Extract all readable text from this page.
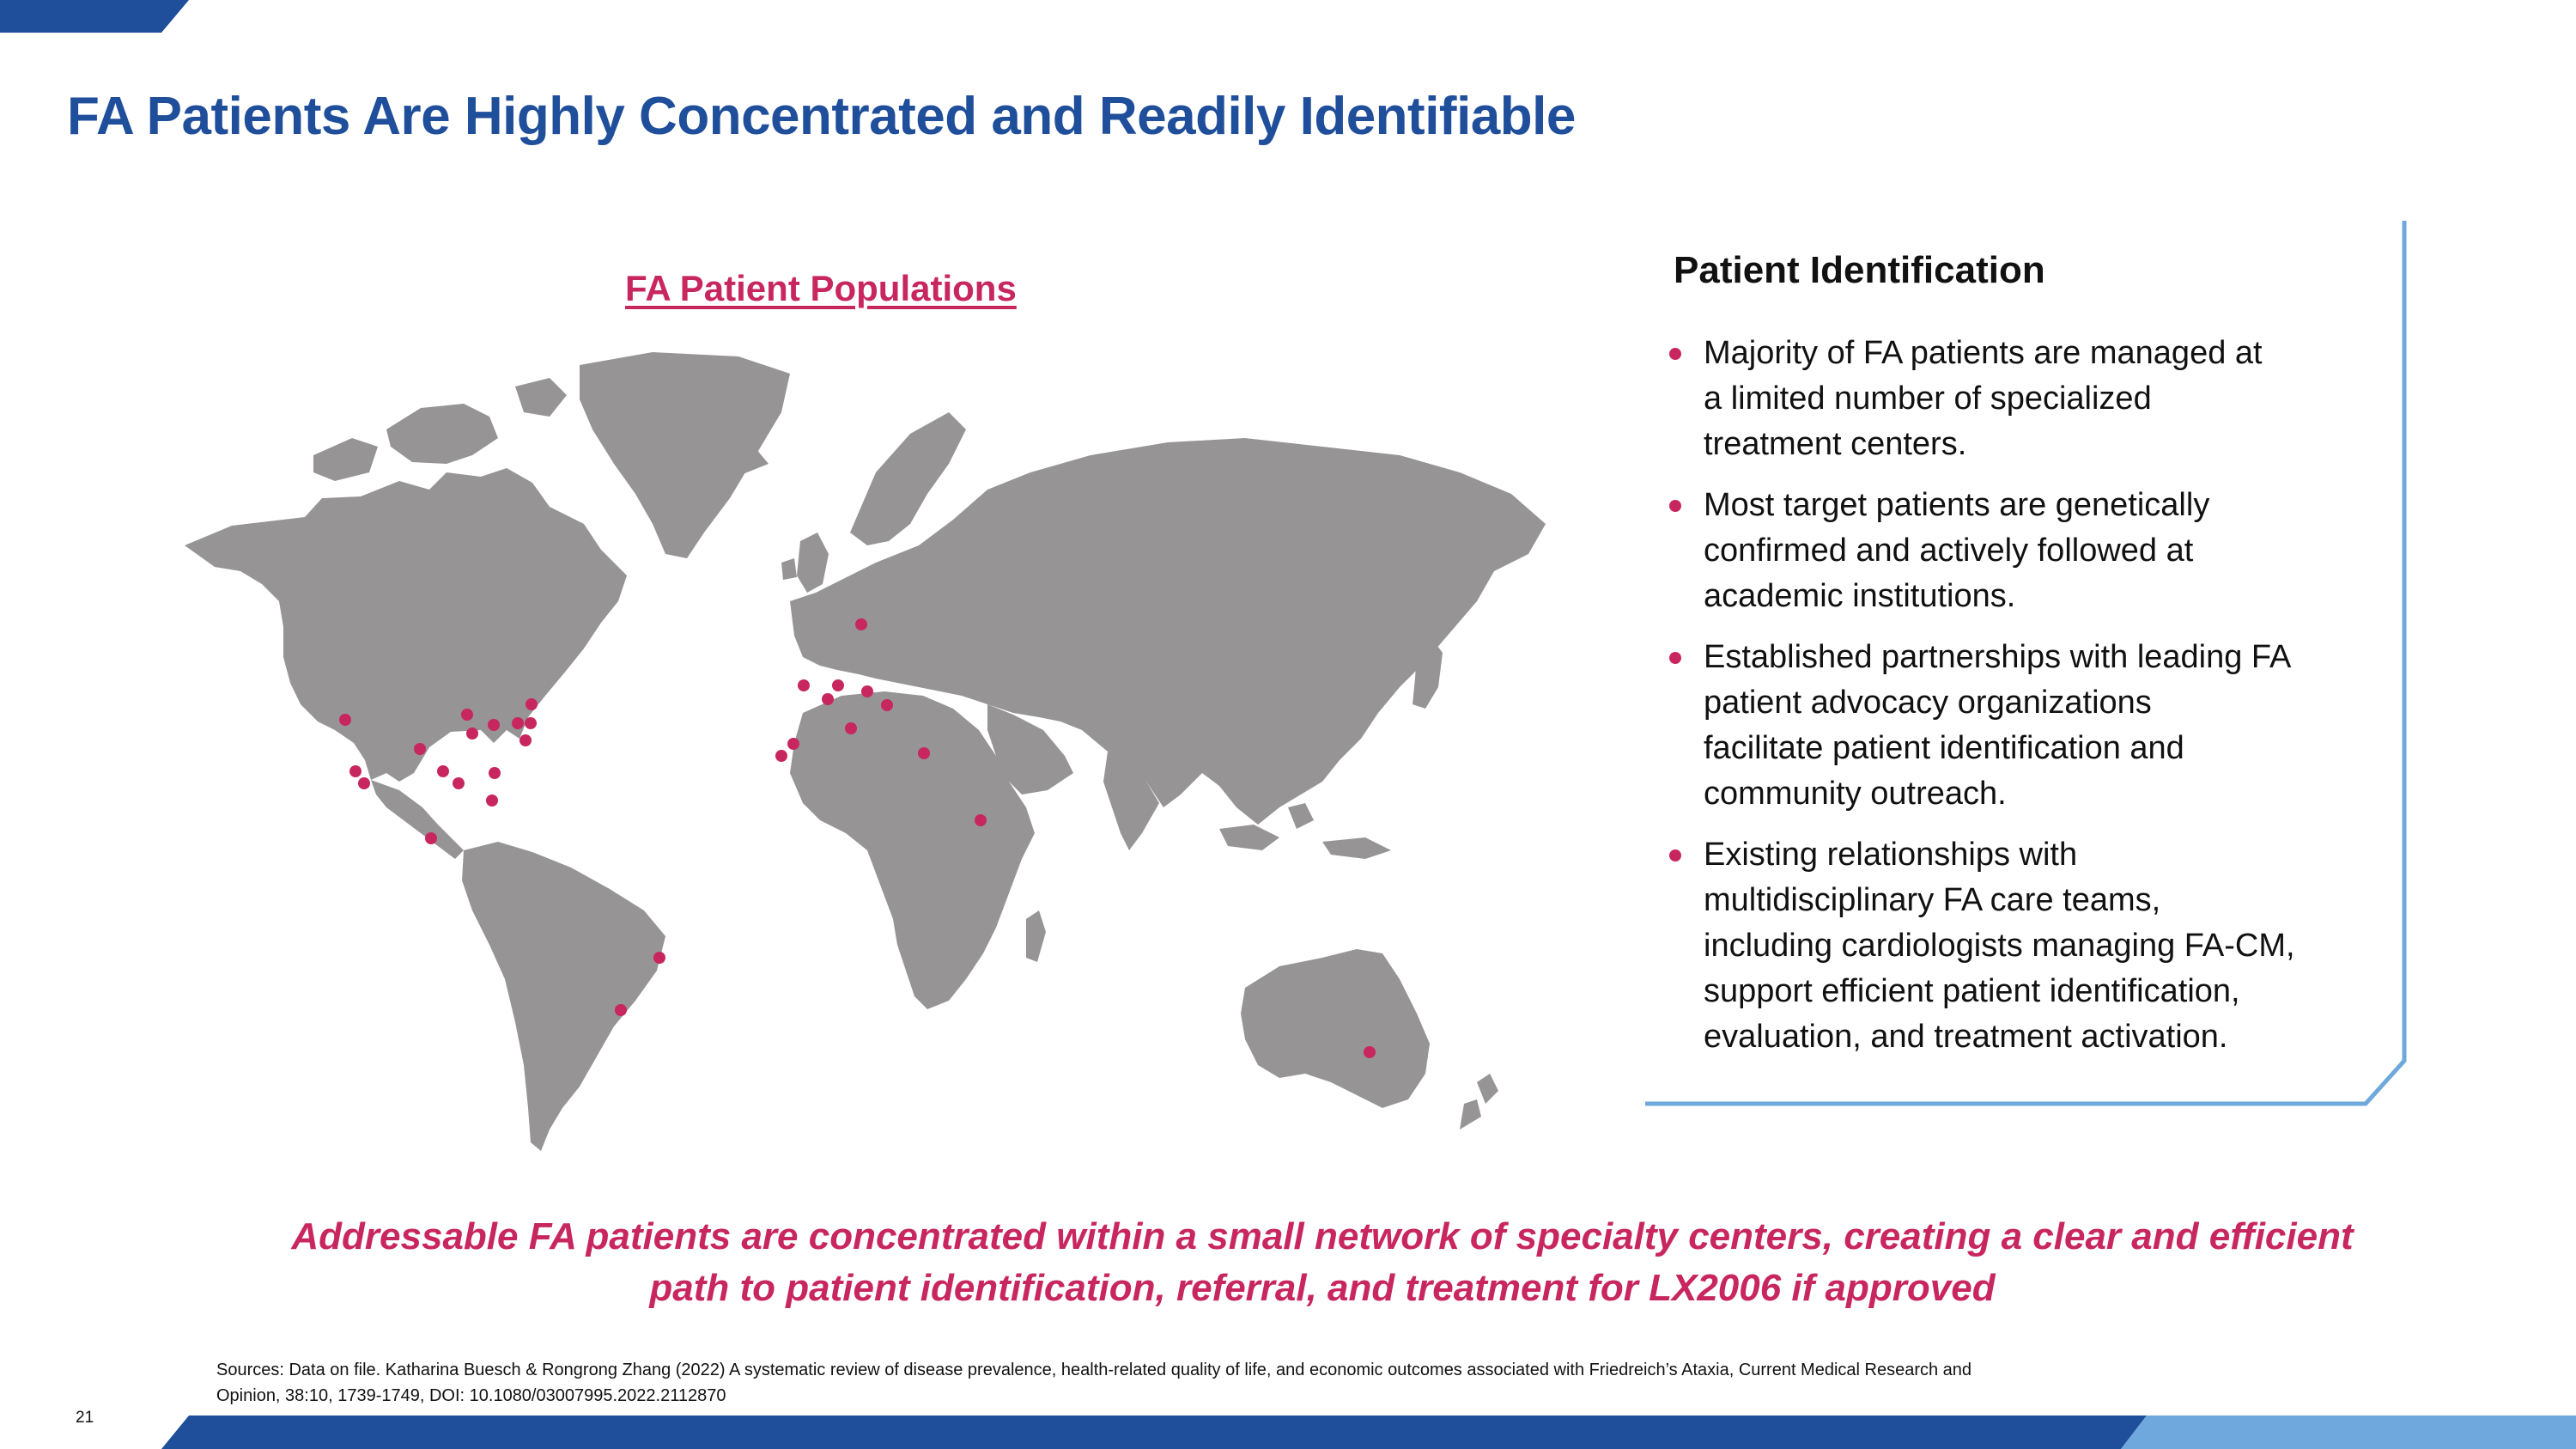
FA Patients Are Highly Concentrated and Readily Identifiable
FA Patient Populations	Patient Identification
Majority of FA patients are managed at
a limited number of specialized
treatment centers.
Most target patients are genetically
confirmed and actively followed at
academic institutions.
Established partnerships with leading FA
patient advocacy organizations
facilitate patient identification and
community outreach.
Existing relationships with
multidisciplinary FA care teams,
including cardiologists managing FA-CM,
support efficient patient identification,
evaluation, and treatment activation.
Addressable FA patients are concentrated within a small network of specialty centers, creating a clear and efficient
path to patient identification, referral, and treatment for LX2006 if approved
Sources: Data on file. Katharina Buesch & Rongrong Zhang (2022) A systematic review of disease prevalence, health-related quality of life, and economic outcomes associated with Friedreich’s Ataxia, Current Medical Research and
Opinion, 38:10, 1739-1749, DOI: 10.1080/03007995.2022.2112870
21
